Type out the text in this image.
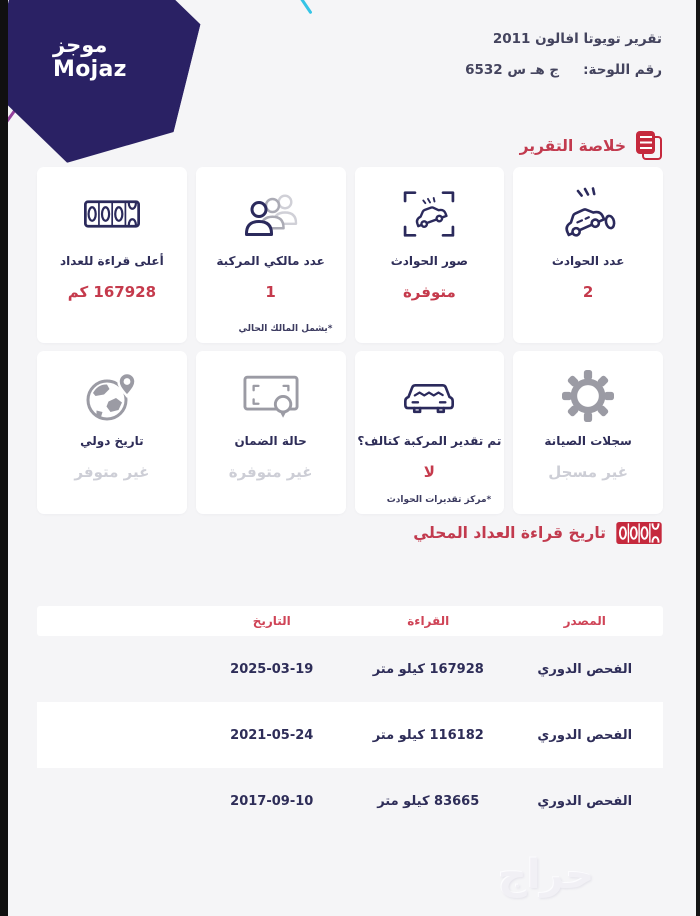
موجز
Mojaz
تقرير تويوتا افالون 2011
رقم اللوحة:ج هـ س 6532
خلاصة التقرير
عدد الحوادث
2
صور الحوادث
متوفرة
عدد مالكي المركبة
1
*يشمل المالك الحالي
أعلى قراءة للعداد
167928 كم
سجلات الصيانة
غير مسجل
تم تقدير المركبة كتالف؟
لا
*مركز تقديرات الحوادث
حالة الضمان
غير متوفرة
تاريخ دولي
غير متوفر
تاريخ قراءة العداد المحلي
المصدر
القراءة
التاريخ
الفحص الدوري
167928 كيلو متر
2025-03-19
الفحص الدوري
116182 كيلو متر
2021-05-24
الفحص الدوري
83665 كيلو متر
2017-09-10
حراج
